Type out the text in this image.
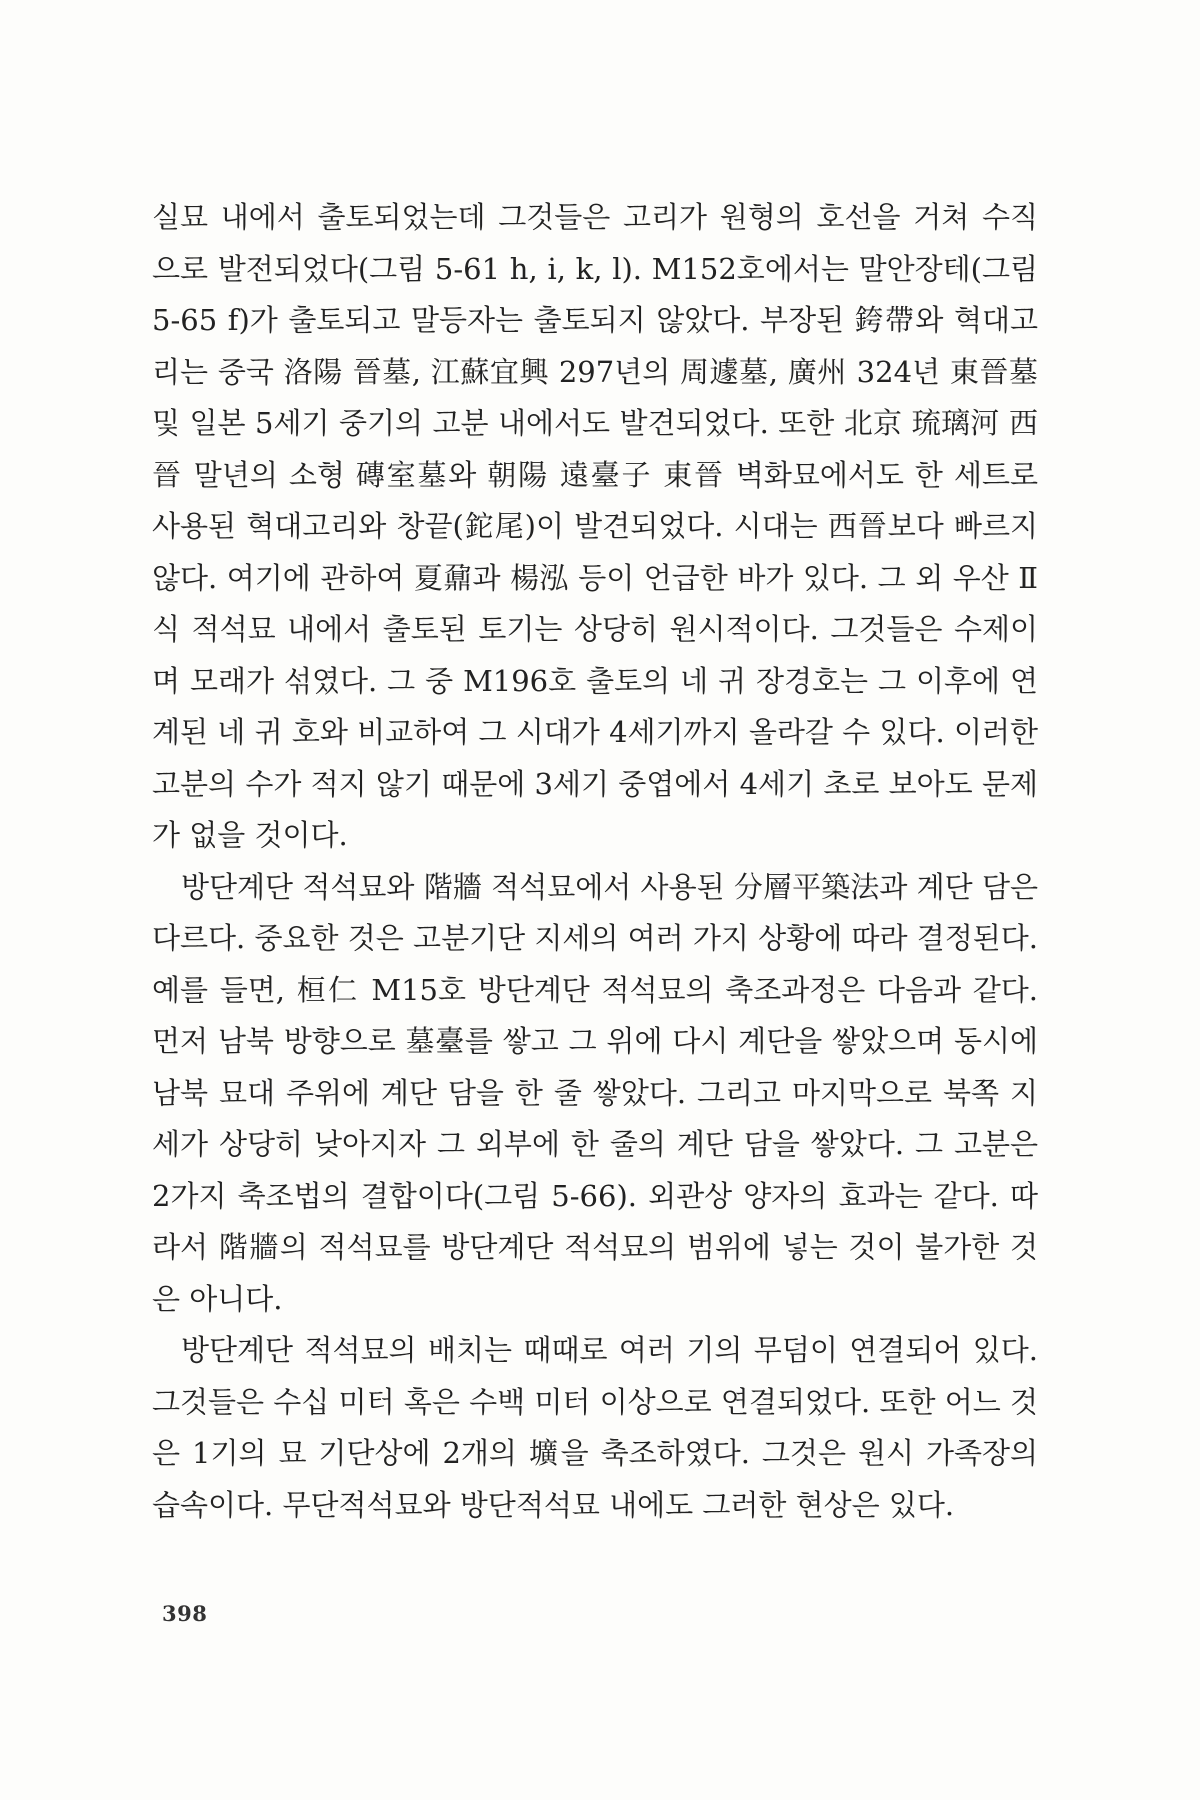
실묘 내에서 출토되었는데 그것들은 고리가 원형의 호선을 거쳐 수직으로 발전되었다(그림 5-61 h, i, k, l). M152호에서는 말안장테(그림 5-65 f)가 출토되고 말등자는 출토되지 않았다. 부장된 銙帶와 혁대고리는 중국 洛陽 晉墓, 江蘇宜興 297년의 周遽墓, 廣州 324년 東晉墓 및 일본 5세기 중기의 고분 내에서도 발견되었다. 또한 北京 琉璃河 西晉 말년의 소형 磚室墓와 朝陽 遠臺子 東晉 벽화묘에서도 한 세트로 사용된 혁대고리와 창끝(鉈尾)이 발견되었다. 시대는 西晉보다 빠르지 않다. 여기에 관하여 夏鼐과 楊泓 등이 언급한 바가 있다. 그 외 우산 Ⅱ식 적석묘 내에서 출토된 토기는 상당히 원시적이다. 그것들은 수제이며 모래가 섞였다. 그 중 M196호 출토의 네 귀 장경호는 그 이후에 연계된 네 귀 호와 비교하여 그 시대가 4세기까지 올라갈 수 있다. 이러한 고분의 수가 적지 않기 때문에 3세기 중엽에서 4세기 초로 보아도 문제가 없을 것이다.

방단계단 적석묘와 階牆 적석묘에서 사용된 分層平築法과 계단 담은 다르다. 중요한 것은 고분기단 지세의 여러 가지 상황에 따라 결정된다. 예를 들면, 桓仁 M15호 방단계단 적석묘의 축조과정은 다음과 같다. 먼저 남북 방향으로 墓臺를 쌓고 그 위에 다시 계단을 쌓았으며 동시에 남북 묘대 주위에 계단 담을 한 줄 쌓았다. 그리고 마지막으로 북쪽 지세가 상당히 낮아지자 그 외부에 한 줄의 계단 담을 쌓았다. 그 고분은 2가지 축조법의 결합이다(그림 5-66). 외관상 양자의 효과는 같다. 따라서 階牆의 적석묘를 방단계단 적석묘의 범위에 넣는 것이 불가한 것은 아니다.

방단계단 적석묘의 배치는 때때로 여러 기의 무덤이 연결되어 있다. 그것들은 수십 미터 혹은 수백 미터 이상으로 연결되었다. 또한 어느 것은 1기의 묘 기단상에 2개의 壙을 축조하였다. 그것은 원시 가족장의 습속이다. 무단적석묘와 방단적석묘 내에도 그러한 현상은 있다.

398
